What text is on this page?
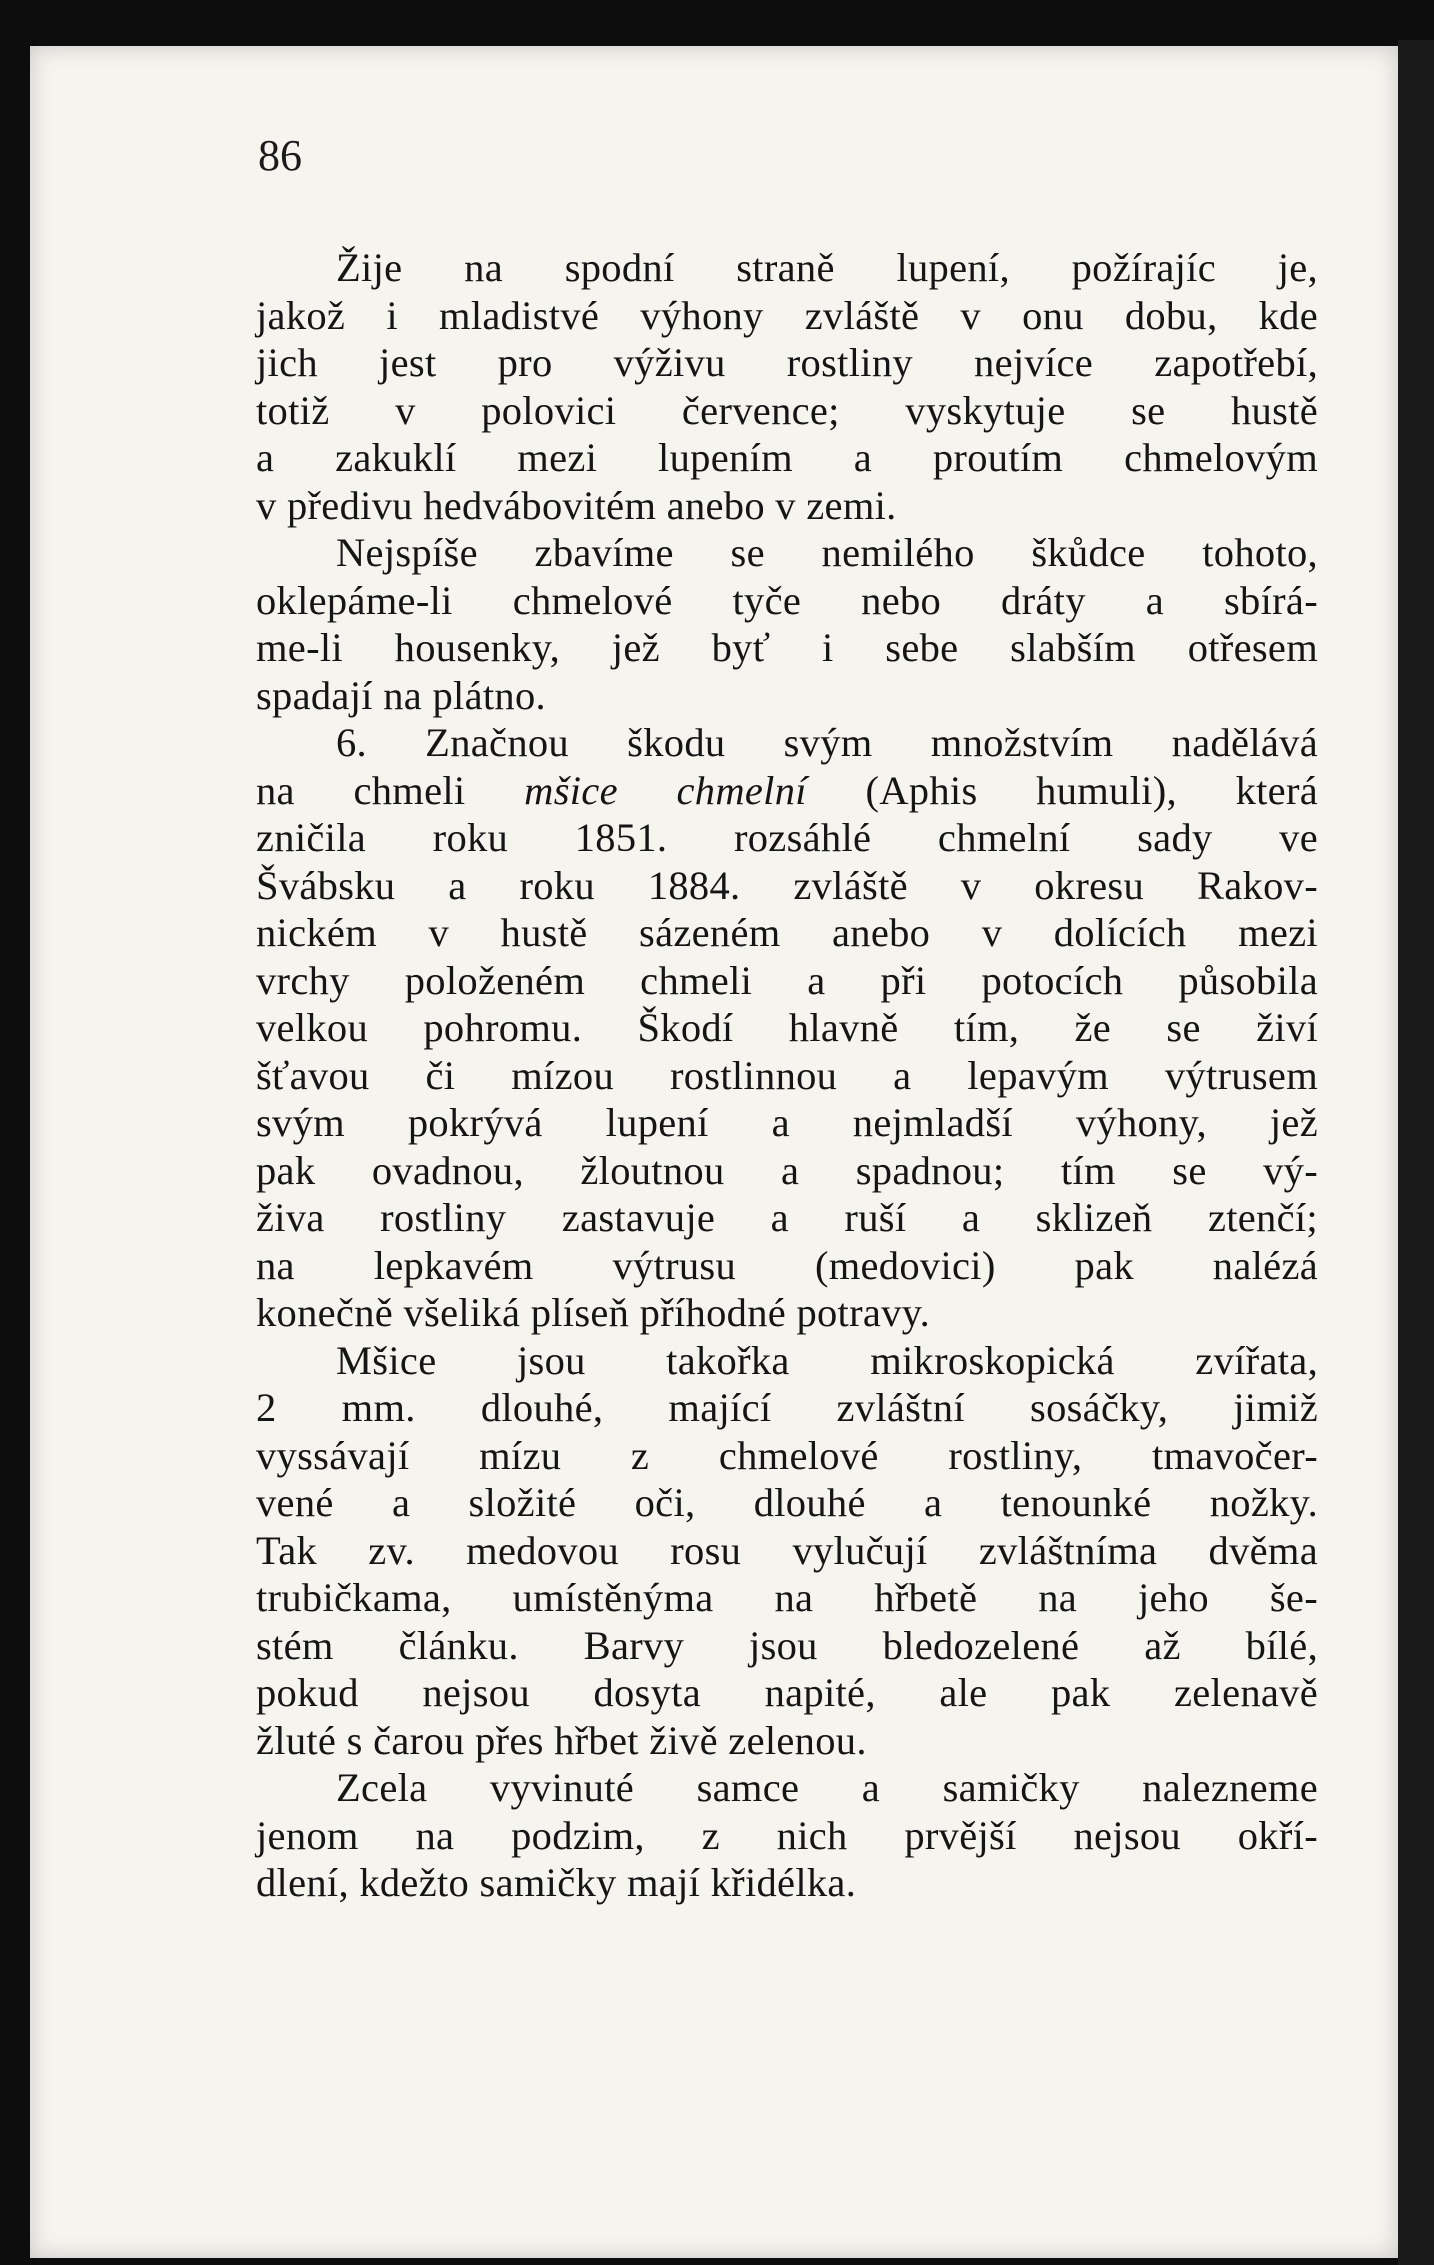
86

Žije na spodní straně lupení, požírajíc je,
jakož i mladistvé výhony zvláště v onu dobu, kde
jich jest pro výživu rostliny nejvíce zapotřebí,
totiž v polovici července; vyskytuje se hustě
a zakuklí mezi lupením a proutím chmelovým
v předivu hedvábovitém anebo v zemi.
Nejspíše zbavíme se nemilého škůdce tohoto,
oklepáme-li chmelové tyče nebo dráty a sbírá-
me-li housenky, jež byť i sebe slabším otřesem
spadají na plátno.
6. Značnou škodu svým množstvím nadělává
na chmeli mšice chmelní (Aphis humuli), která
zničila roku 1851. rozsáhlé chmelní sady ve
Švábsku a roku 1884. zvláště v okresu Rakov-
nickém v hustě sázeném anebo v dolících mezi
vrchy položeném chmeli a při potocích působila
velkou pohromu. Škodí hlavně tím, že se živí
šťavou či mízou rostlinnou a lepavým výtrusem
svým pokrývá lupení a nejmladší výhony, jež
pak ovadnou, žloutnou a spadnou; tím se vý-
živa rostliny zastavuje a ruší a sklizeň ztenčí;
na lepkavém výtrusu (medovici) pak nalézá
konečně všeliká plíseň příhodné potravy.
Mšice jsou takořka mikroskopická zvířata,
2 mm. dlouhé, mající zvláštní sosáčky, jimiž
vyssávají mízu z chmelové rostliny, tmavočer-
vené a složité oči, dlouhé a tenounké nožky.
Tak zv. medovou rosu vylučují zvláštníma dvěma
trubičkama, umístěnýma na hřbetě na jeho še-
stém článku. Barvy jsou bledozelené až bílé,
pokud nejsou dosyta napité, ale pak zelenavě
žluté s čarou přes hřbet živě zelenou.
Zcela vyvinuté samce a samičky nalezneme
jenom na podzim, z nich prvější nejsou okří-
dlení, kdežto samičky mají křidélka.
